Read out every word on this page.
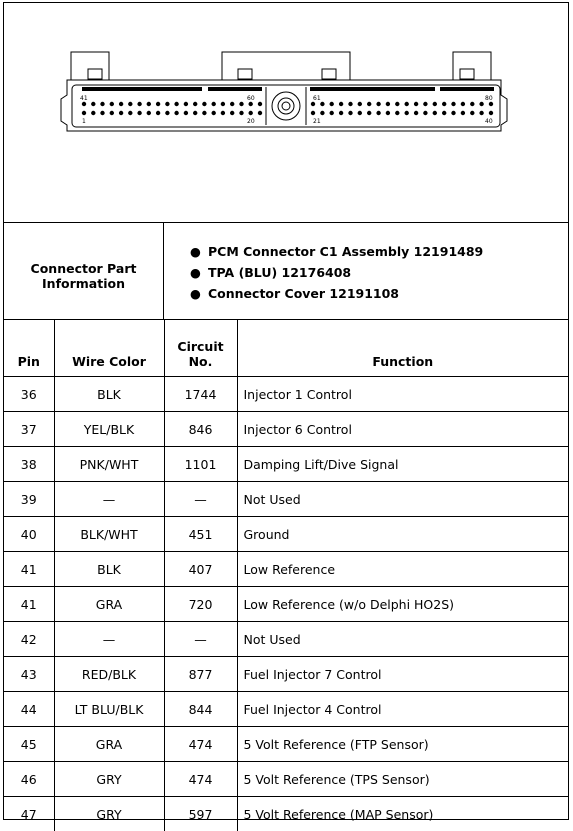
41	60
1	20
61	80
21	40
Connector Part Information
● PCM Connector C1 Assembly 12191489
● TPA (BLU) 12176408
● Connector Cover 12191108
Pin	Wire Color	Circuit No.	Function
36	BLK	1744	Injector 1 Control
37	YEL/BLK	846	Injector 6 Control
38	PNK/WHT	1101	Damping Lift/Dive Signal
39	—	—	Not Used
40	BLK/WHT	451	Ground
41	BLK	407	Low Reference
41	GRA	720	Low Reference (w/o Delphi HO2S)
42	—	—	Not Used
43	RED/BLK	877	Fuel Injector 7 Control
44	LT BLU/BLK	844	Fuel Injector 4 Control
45	GRA	474	5 Volt Reference (FTP Sensor)
46	GRY	474	5 Volt Reference (TPS Sensor)
47	GRY	597	5 Volt Reference (MAP Sensor)
